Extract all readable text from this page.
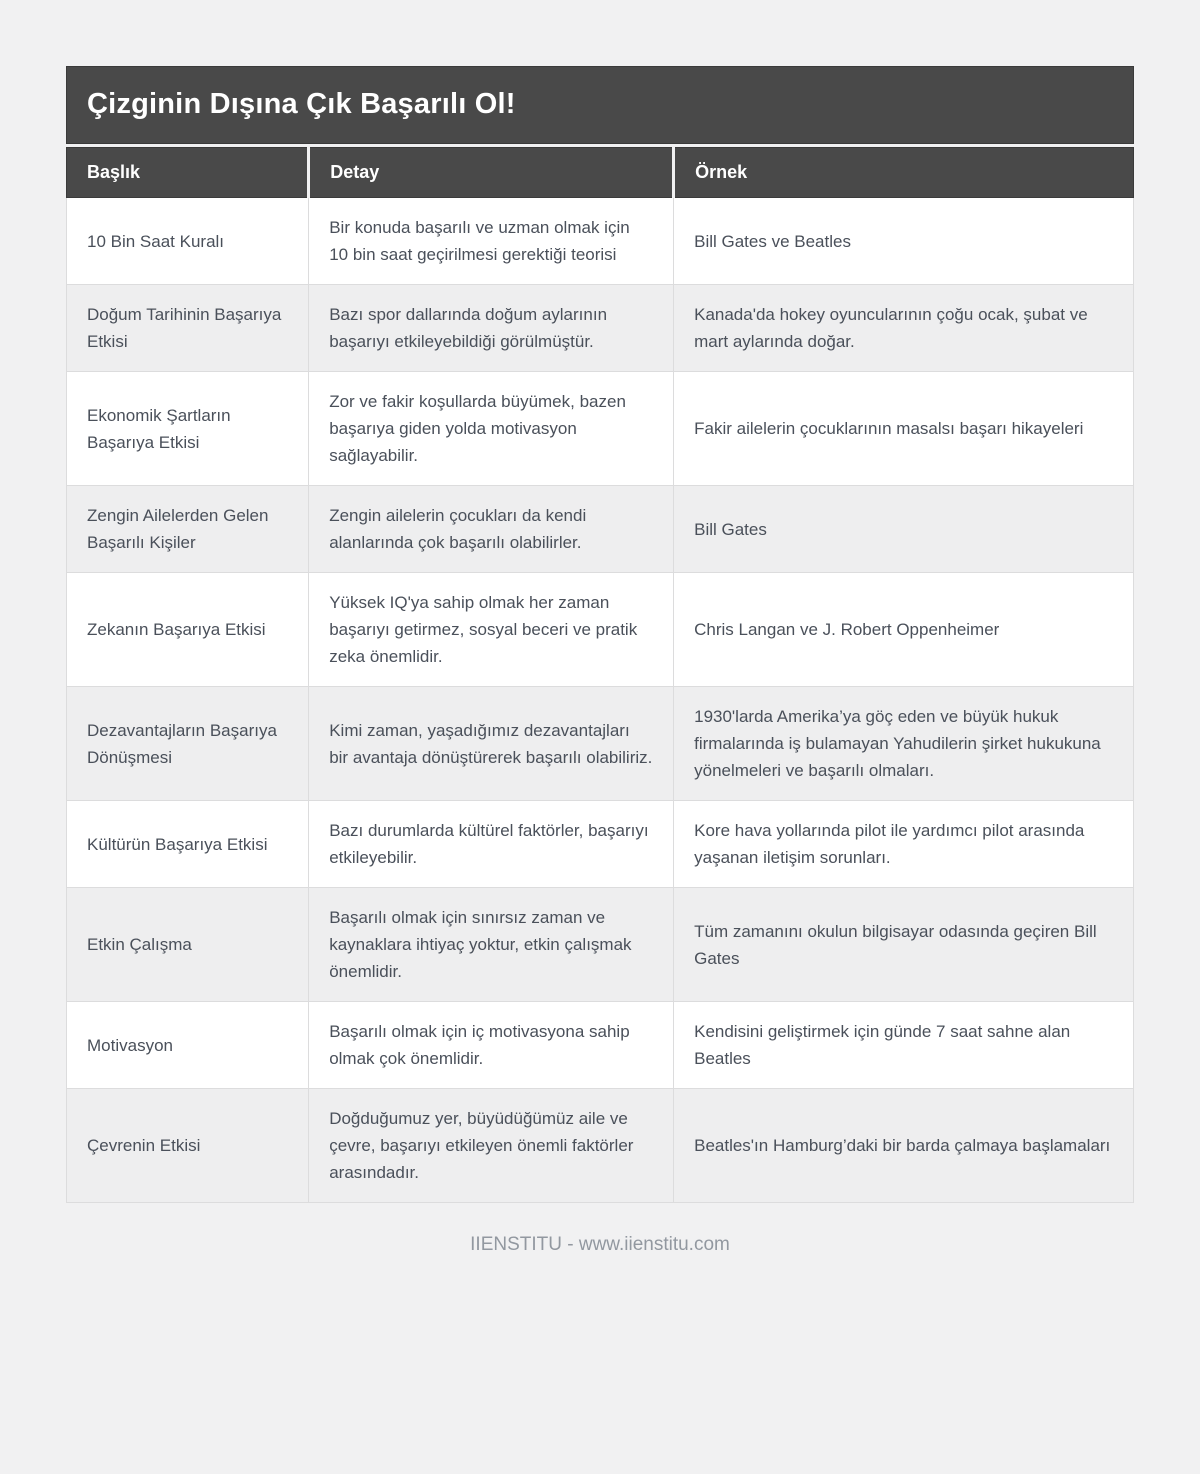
Çizginin Dışına Çık Başarılı Ol!
Başlık	Detay	Örnek
10 Bin Saat Kuralı	Bir konuda başarılı ve uzman olmak için 10 bin saat geçirilmesi gerektiği teorisi	Bill Gates ve Beatles
Doğum Tarihinin Başarıya Etkisi	Bazı spor dallarında doğum aylarının başarıyı etkileyebildiği görülmüştür.	Kanada'da hokey oyuncularının çoğu ocak, şubat ve mart aylarında doğar.
Ekonomik Şartların Başarıya Etkisi	Zor ve fakir koşullarda büyümek, bazen başarıya giden yolda motivasyon sağlayabilir.	Fakir ailelerin çocuklarının masalsı başarı hikayeleri
Zengin Ailelerden Gelen Başarılı Kişiler	Zengin ailelerin çocukları da kendi alanlarında çok başarılı olabilirler.	Bill Gates
Zekanın Başarıya Etkisi	Yüksek IQ'ya sahip olmak her zaman başarıyı getirmez, sosyal beceri ve pratik zeka önemlidir.	Chris Langan ve J. Robert Oppenheimer
Dezavantajların Başarıya Dönüşmesi	Kimi zaman, yaşadığımız dezavantajları bir avantaja dönüştürerek başarılı olabiliriz.	1930'larda Amerika’ya göç eden ve büyük hukuk firmalarında iş bulamayan Yahudilerin şirket hukukuna yönelmeleri ve başarılı olmaları.
Kültürün Başarıya Etkisi	Bazı durumlarda kültürel faktörler, başarıyı etkileyebilir.	Kore hava yollarında pilot ile yardımcı pilot arasında yaşanan iletişim sorunları.
Etkin Çalışma	Başarılı olmak için sınırsız zaman ve kaynaklara ihtiyaç yoktur, etkin çalışmak önemlidir.	Tüm zamanını okulun bilgisayar odasında geçiren Bill Gates
Motivasyon	Başarılı olmak için iç motivasyona sahip olmak çok önemlidir.	Kendisini geliştirmek için günde 7 saat sahne alan Beatles
Çevrenin Etkisi	Doğduğumuz yer, büyüdüğümüz aile ve çevre, başarıyı etkileyen önemli faktörler arasındadır.	Beatles'ın Hamburg’daki bir barda çalmaya başlamaları
IIENSTITU - www.iienstitu.com
